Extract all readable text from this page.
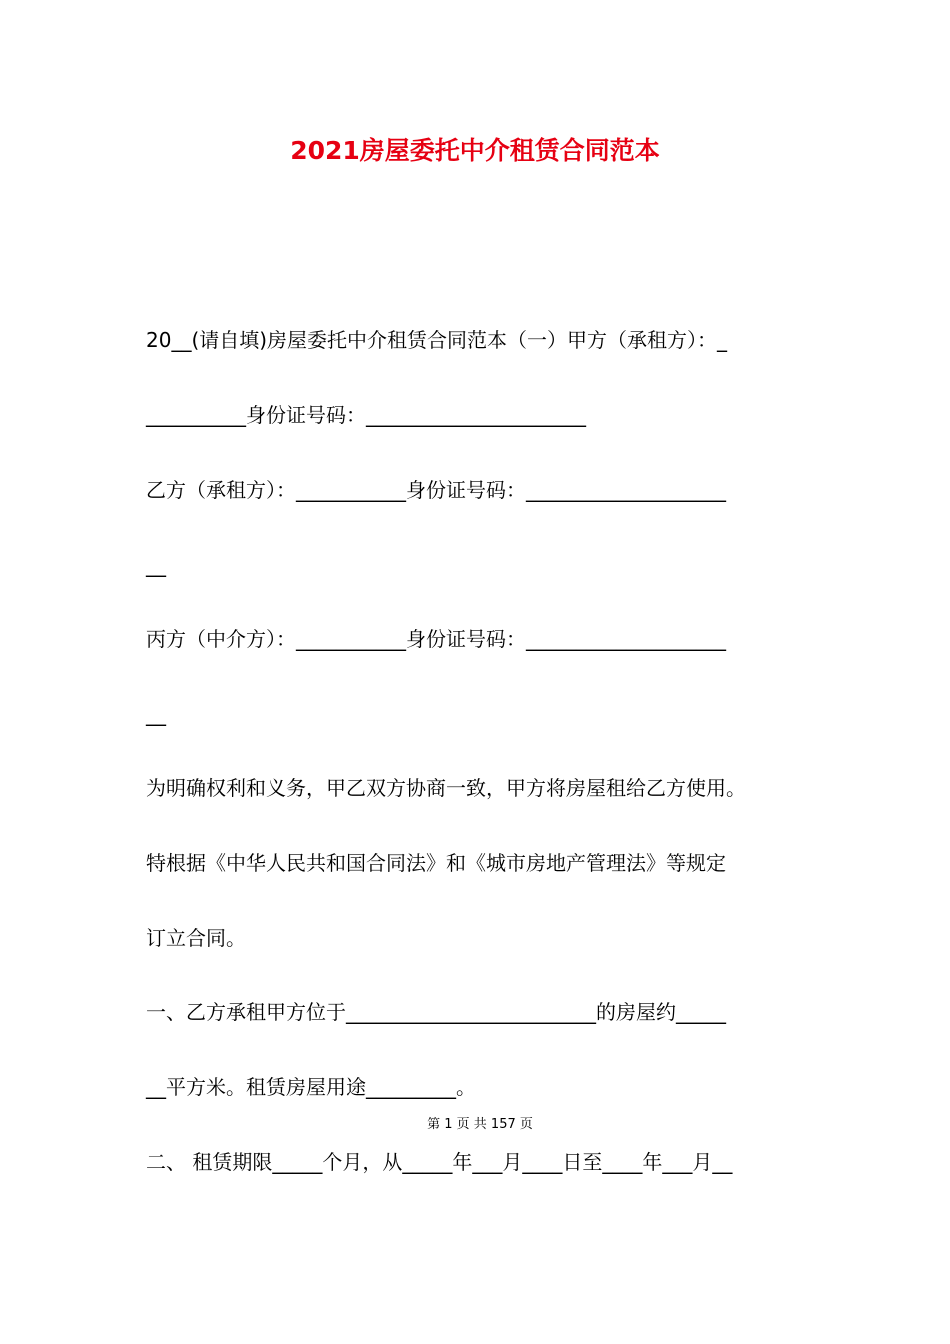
2021房屋委托中介租赁合同范本
20__(请自填)房屋委托中介租赁合同范本（一）甲方（承租方）：_
__________身份证号码：______________________
乙方（承租方）：___________身份证号码：____________________
__
丙方（中介方）：___________身份证号码：____________________
__
为明确权利和义务，甲乙双方协商一致，甲方将房屋租给乙方使用。
特根据《中华人民共和国合同法》和《城市房地产管理法》等规定
订立合同。
一、乙方承租甲方位于_________________________的房屋约_____
__平方米。租赁房屋用途_________。
二、 租赁期限_____个月，从_____年___月____日至____年___月__
第 1 页 共 157 页
